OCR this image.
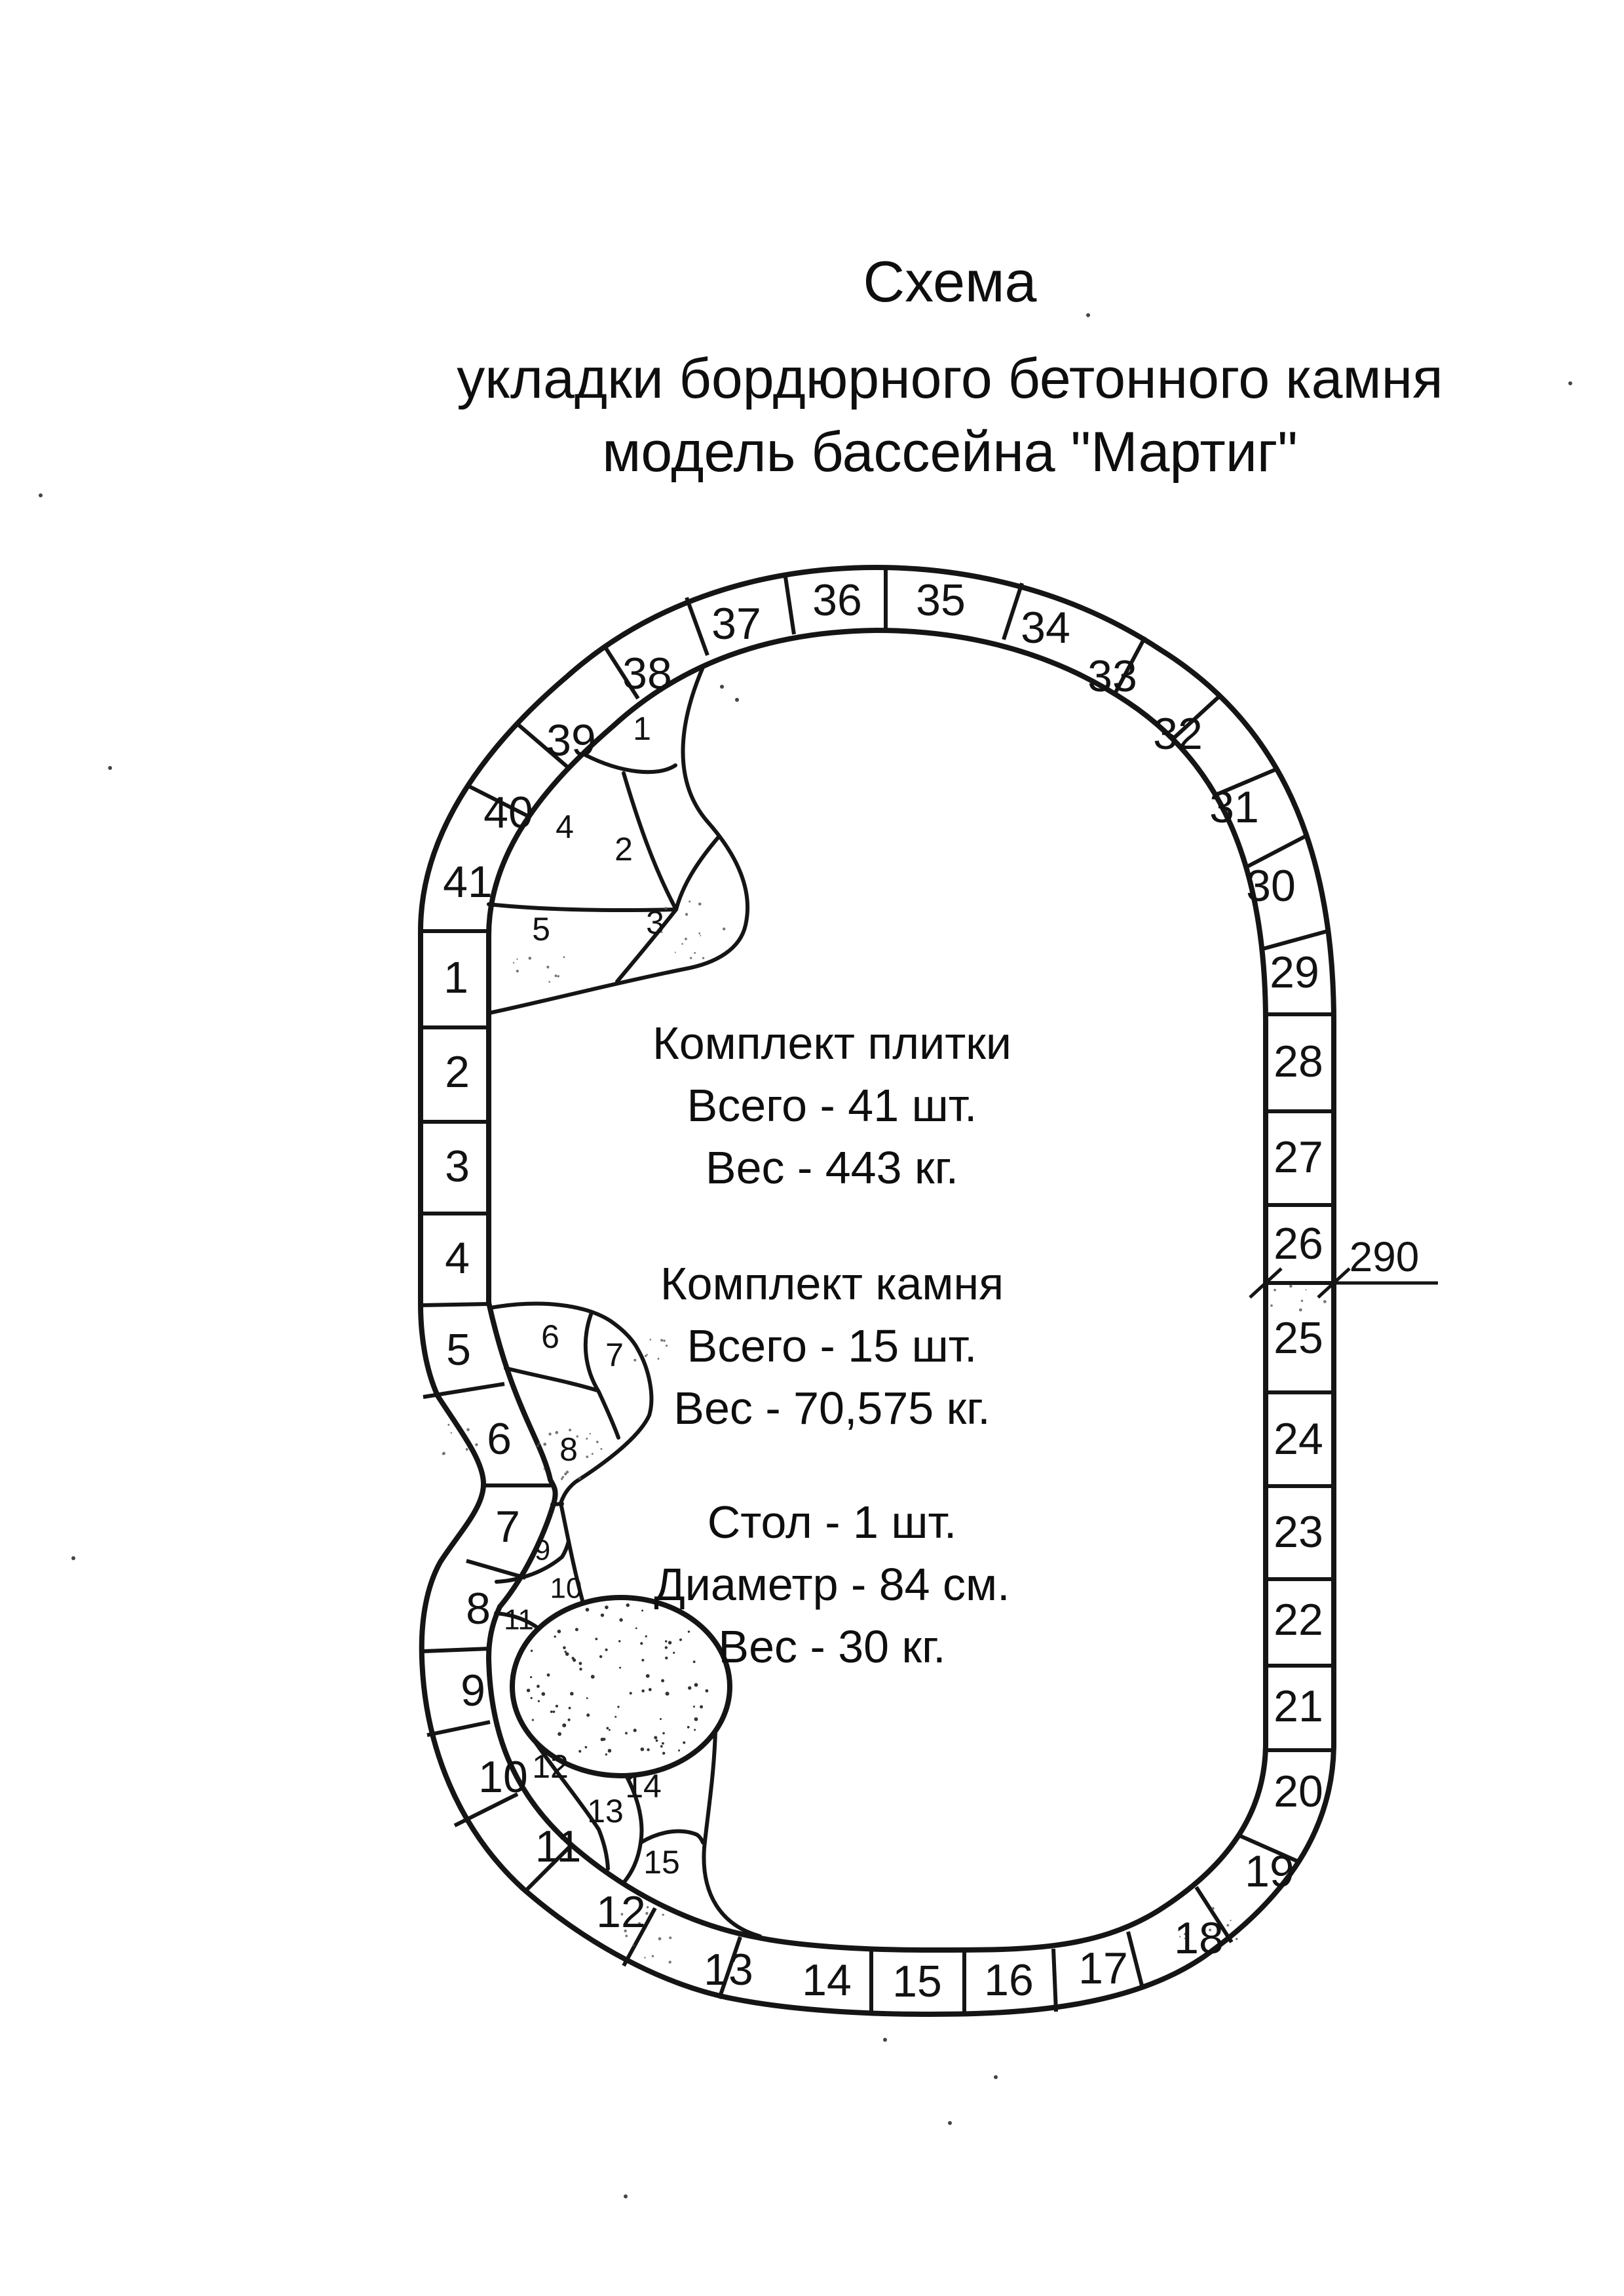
Схема
укладки бордюрного бетонного камня
модель бассейна "Мартиг"
1
2
3
4
5
6
7
8
9
10
11
12
13 14 15 16 17
18
19
20
21
22
23
24
25
26
27
28
29
30
31
32
33
34
35
36
37
38
39
40
41
1
2
3
4
5
6 7
8
9
10
11
12
13
14
15
290
Комплект плитки
Всего - 41 шт.
Вес - 443 кг.
Комплект камня
Всего - 15 шт.
Вес - 70,575 кг.
Стол - 1 шт.
Диаметр - 84 см.
Вес - 30 кг.
